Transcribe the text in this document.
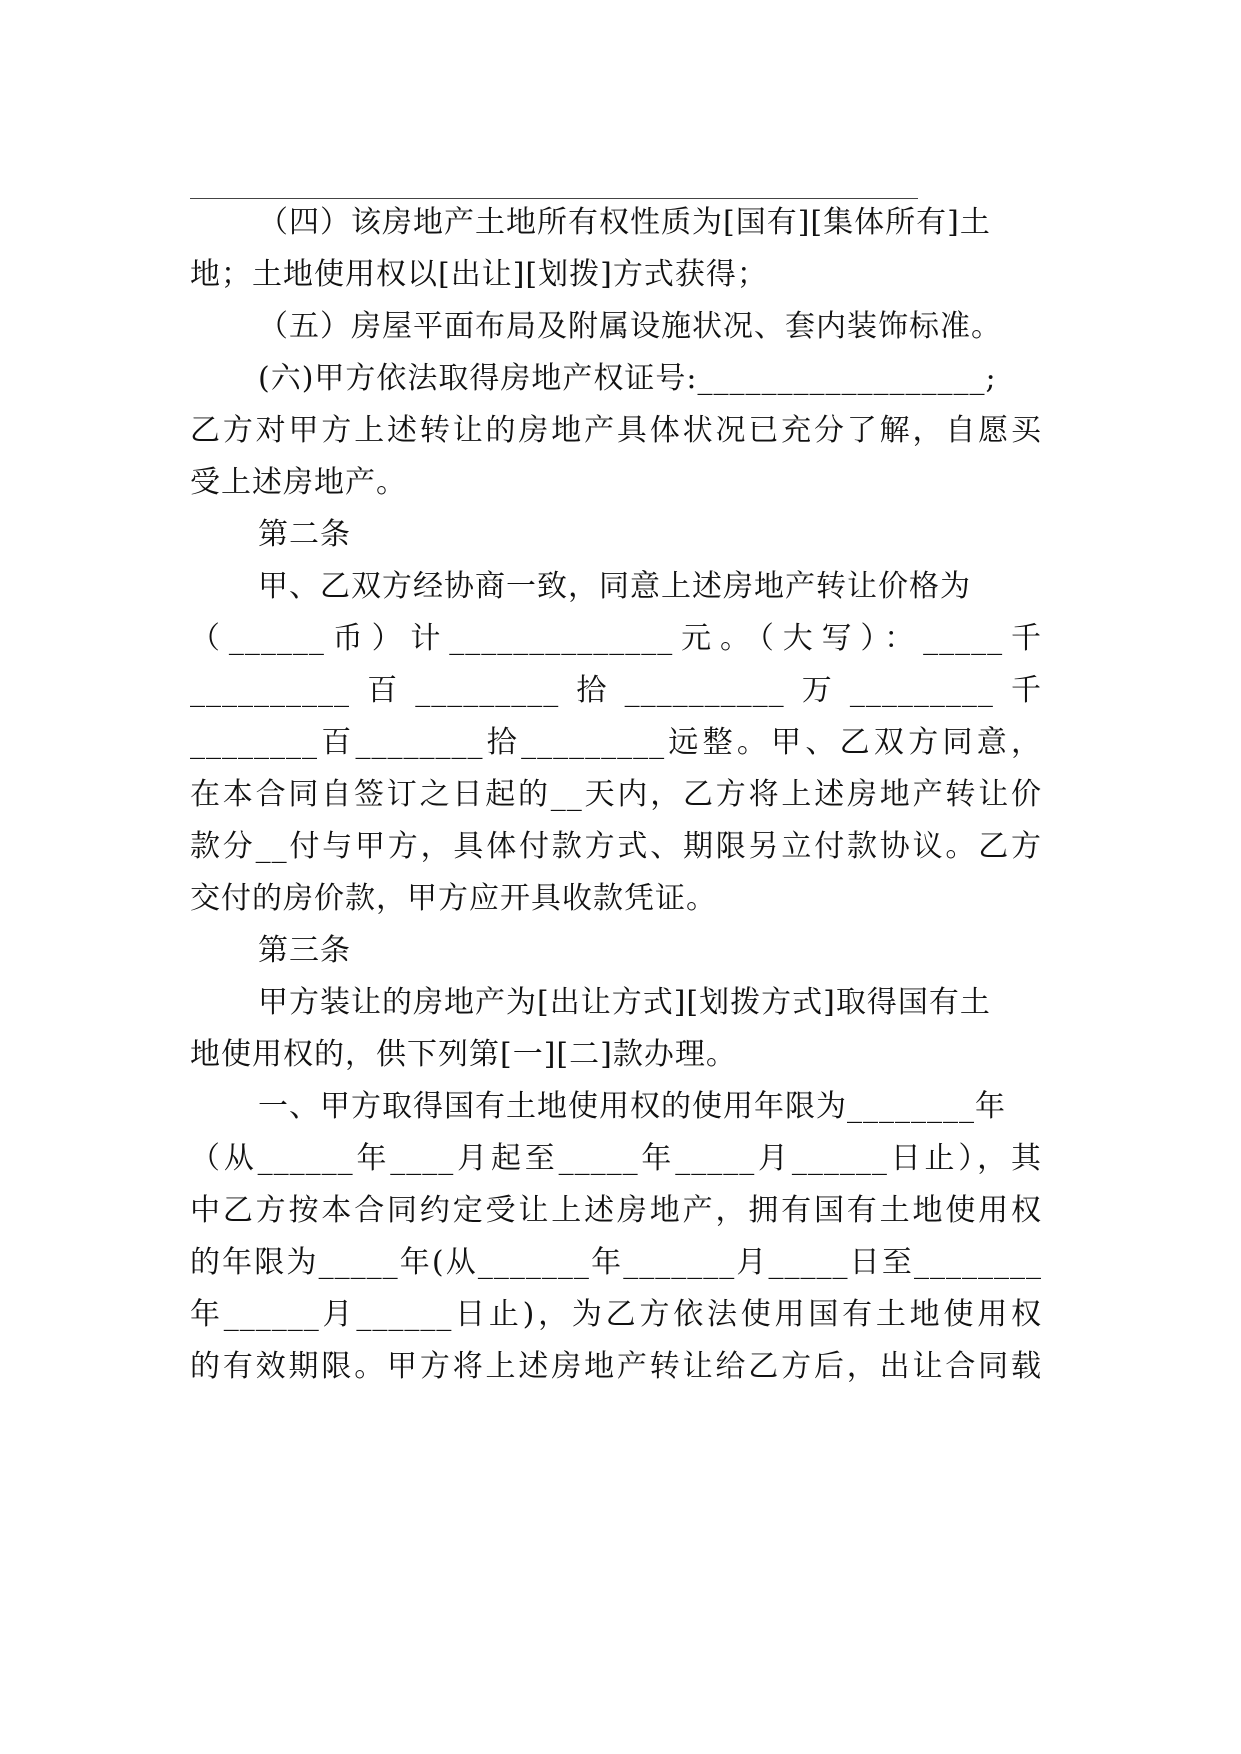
（四）该房地产土地所有权性质为[国有][集体所有]土
地；土地使用权以[出让][划拨]方式获得；
（五）房屋平面布局及附属设施状况、套内装饰标准。
(六)甲方依法取得房地产权证号:__________________;
乙方对甲方上述转让的房地产具体状况已充分了解，自愿买
受上述房地产。
第二条
甲、乙双方经协商一致，同意上述房地产转让价格为
（______币）计______________元。（大写）：_____千
__________百_________拾__________万_________千
________百________拾_________远整。甲、乙双方同意，
在本合同自签订之日起的__天内，乙方将上述房地产转让价
款分__付与甲方，具体付款方式、期限另立付款协议。乙方
交付的房价款，甲方应开具收款凭证。
第三条
甲方装让的房地产为[出让方式][划拨方式]取得国有土
地使用权的，供下列第[一][二]款办理。
一、甲方取得国有土地使用权的使用年限为________年
（从______年____月起至_____年_____月______日止），其
中乙方按本合同约定受让上述房地产，拥有国有土地使用权
的年限为_____年(从_______年_______月_____日至________
年______月______日止)，为乙方依法使用国有土地使用权
的有效期限。甲方将上述房地产转让给乙方后，出让合同载
